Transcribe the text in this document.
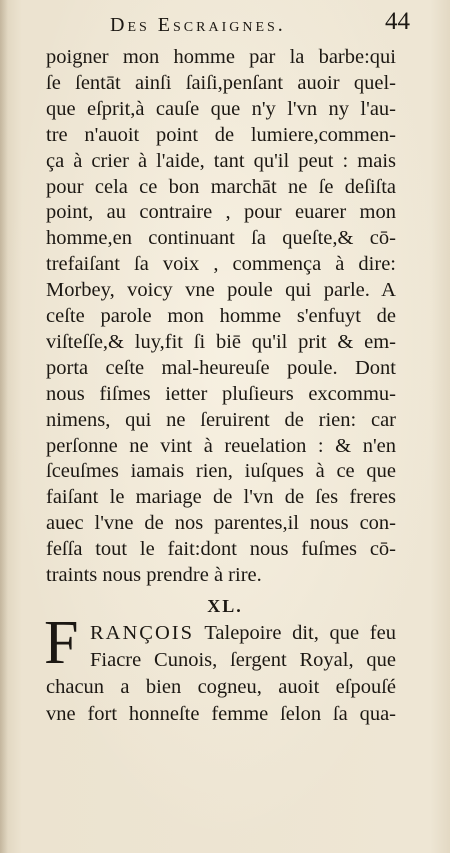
Des Escraignes.	44
poigner mon homme par la barbe:qui
ſe ſentāt ainſi ſaiſi,penſant auoir quel-
que eſprit,à cauſe que n'y l'vn ny l'au-
tre n'auoit point de lumiere,commen-
ça à crier à l'aide, tant qu'il peut : mais
pour cela ce bon marchāt ne ſe deſiſta
point, au contraire , pour euarer mon
homme,en continuant ſa queſte,& cō-
trefaiſant ſa voix , commença à dire:
Morbey, voicy vne poule qui parle. A
ceſte parole mon homme s'enfuyt de
viſteſſe,& luy,fit ſi biē qu'il prit & em-
porta ceſte mal-heureuſe poule. Dont
nous fiſmes ietter pluſieurs excommu-
nimens, qui ne ſeruirent de rien: car
perſonne ne vint à reuelation : & n'en
ſceuſmes iamais rien, iuſques à ce que
faiſant le mariage de l'vn de ſes freres
auec l'vne de nos parentes,il nous con-
feſſa tout le fait:dont nous fuſmes cō-
traints nous prendre à rire.
XL.
F RANÇOIS Talepoire dit, que feu
Fiacre Cunois, ſergent Royal, que
chacun a bien cogneu, auoit eſpouſé
vne fort honneſte femme ſelon ſa qua-
